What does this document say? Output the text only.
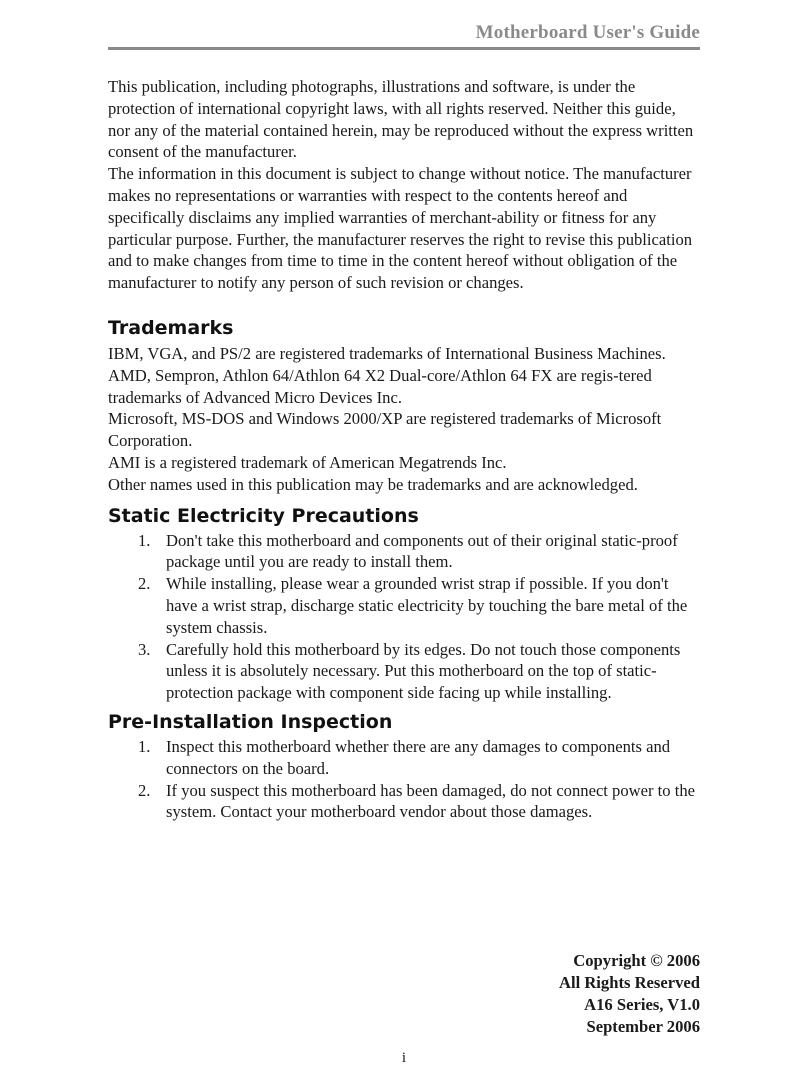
Motherboard User's Guide

This publication, including photographs, illustrations and software, is under the protection of international copyright laws, with all rights reserved. Neither this guide, nor any of the material contained herein, may be reproduced without the express written consent of the manufacturer.

The information in this document is subject to change without notice. The manufacturer makes no representations or warranties with respect to the contents hereof and specifically disclaims any implied warranties of merchant-ability or fitness for any particular purpose. Further, the manufacturer reserves the right to revise this publication and to make changes from time to time in the content hereof without obligation of the manufacturer to notify any person of such revision or changes.

Trademarks

IBM, VGA, and PS/2 are registered trademarks of International Business Machines.

AMD, Sempron, Athlon 64/Athlon 64 X2 Dual-core/Athlon 64 FX are regis-tered trademarks of Advanced Micro Devices Inc.

Microsoft, MS-DOS and Windows 2000/XP are registered trademarks of Microsoft Corporation.

AMI is a registered trademark of American Megatrends Inc.

Other names used in this publication may be trademarks and are acknowledged.

Static Electricity Precautions
1. Don't take this motherboard and components out of their original static-proof package until you are ready to install them.
2. While installing, please wear a grounded wrist strap if possible. If you don't have a wrist strap, discharge static electricity by touching the bare metal of the system chassis.
3. Carefully hold this motherboard by its edges. Do not touch those components unless it is absolutely necessary. Put this motherboard on the top of static-protection package with component side facing up while installing.
Pre-Installation Inspection
1. Inspect this motherboard whether there are any damages to components and connectors on the board.
2. If you suspect this motherboard has been damaged, do not connect power to the system. Contact your motherboard vendor about those damages.
Copyright © 2006
All Rights Reserved
A16 Series, V1.0
September 2006
i
